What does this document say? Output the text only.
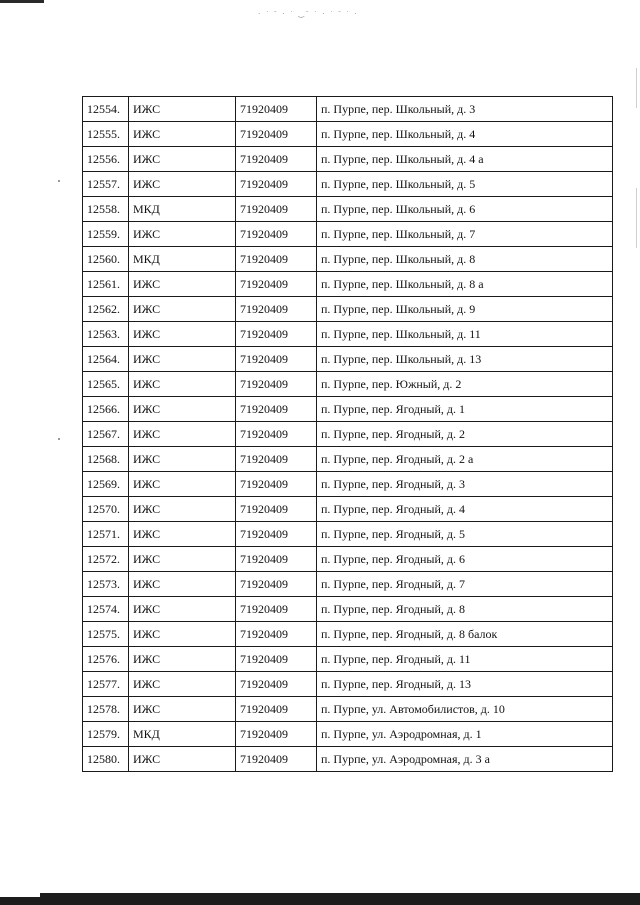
· ˙ ˉ · ˙ ‿ˉ ˙ · ˙ ˉ ˙ ·
12554.	ИЖС	71920409	п. Пурпе, пер. Школьный, д. 3
12555.	ИЖС	71920409	п. Пурпе, пер. Школьный, д. 4
12556.	ИЖС	71920409	п. Пурпе, пер. Школьный, д. 4 а
12557.	ИЖС	71920409	п. Пурпе, пер. Школьный, д. 5
12558.	МКД	71920409	п. Пурпе, пер. Школьный, д. 6
12559.	ИЖС	71920409	п. Пурпе, пер. Школьный, д. 7
12560.	МКД	71920409	п. Пурпе, пер. Школьный, д. 8
12561.	ИЖС	71920409	п. Пурпе, пер. Школьный, д. 8 а
12562.	ИЖС	71920409	п. Пурпе, пер. Школьный, д. 9
12563.	ИЖС	71920409	п. Пурпе, пер. Школьный, д. 11
12564.	ИЖС	71920409	п. Пурпе, пер. Школьный, д. 13
12565.	ИЖС	71920409	п. Пурпе, пер. Южный, д. 2
12566.	ИЖС	71920409	п. Пурпе, пер. Ягодный, д. 1
12567.	ИЖС	71920409	п. Пурпе, пер. Ягодный, д. 2
12568.	ИЖС	71920409	п. Пурпе, пер. Ягодный, д. 2 а
12569.	ИЖС	71920409	п. Пурпе, пер. Ягодный, д. 3
12570.	ИЖС	71920409	п. Пурпе, пер. Ягодный, д. 4
12571.	ИЖС	71920409	п. Пурпе, пер. Ягодный, д. 5
12572.	ИЖС	71920409	п. Пурпе, пер. Ягодный, д. 6
12573.	ИЖС	71920409	п. Пурпе, пер. Ягодный, д. 7
12574.	ИЖС	71920409	п. Пурпе, пер. Ягодный, д. 8
12575.	ИЖС	71920409	п. Пурпе, пер. Ягодный, д. 8 балок
12576.	ИЖС	71920409	п. Пурпе, пер. Ягодный, д. 11
12577.	ИЖС	71920409	п. Пурпе, пер. Ягодный, д. 13
12578.	ИЖС	71920409	п. Пурпе, ул. Автомобилистов, д. 10
12579.	МКД	71920409	п. Пурпе, ул. Аэродромная, д. 1
12580.	ИЖС	71920409	п. Пурпе, ул. Аэродромная, д. 3 а
